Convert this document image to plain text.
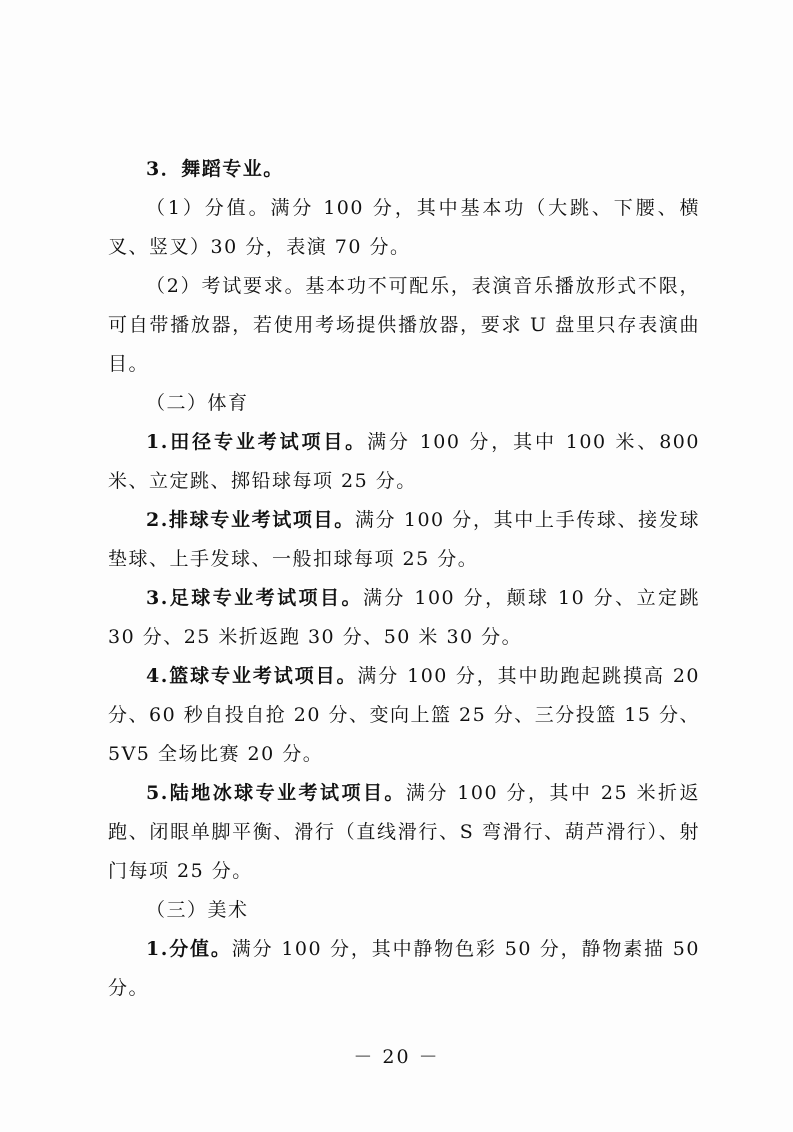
3．舞蹈专业。

（1）分值。满分 100 分，其中基本功（大跳、下腰、横叉、竖叉）30 分，表演 70 分。

（2）考试要求。基本功不可配乐，表演音乐播放形式不限，可自带播放器，若使用考场提供播放器，要求 U 盘里只存表演曲目。

（二）体育

1.田径专业考试项目。满分 100 分，其中 100 米、800 米、立定跳、掷铅球每项 25 分。

2.排球专业考试项目。满分 100 分，其中上手传球、接发球垫球、上手发球、一般扣球每项 25 分。

3.足球专业考试项目。满分 100 分，颠球 10 分、立定跳 30 分、25 米折返跑 30 分、50 米 30 分。

4.篮球专业考试项目。满分 100 分，其中助跑起跳摸高 20 分、60 秒自投自抢 20 分、变向上篮 25 分、三分投篮 15 分、5V5 全场比赛 20 分。

5.陆地冰球专业考试项目。满分 100 分，其中 25 米折返跑、闭眼单脚平衡、滑行（直线滑行、S 弯滑行、葫芦滑行）、射门每项 25 分。

（三）美术

1.分值。满分 100 分，其中静物色彩 50 分，静物素描 50 分。

－ 20 －
